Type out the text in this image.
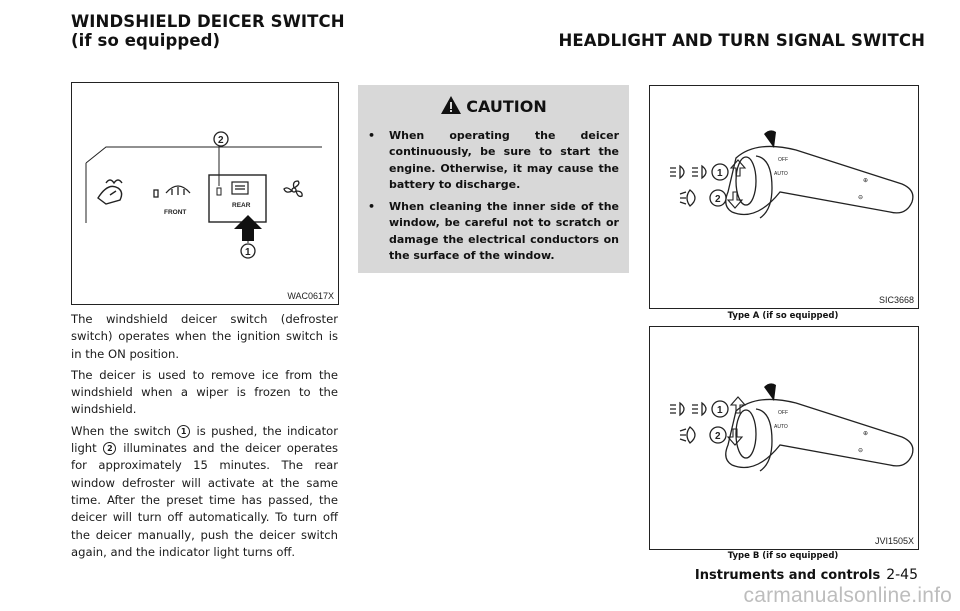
WINDSHIELD DEICER SWITCH (if so equipped)	HEADLIGHT AND TURN SIGNAL SWITCH
FRONT
REAR
2
1
WAC0617X

The windshield deicer switch (defroster switch) operates when the ignition switch is in the ON position.

The deicer is used to remove ice from the windshield when a wiper is frozen to the windshield.

When the switch 1 is pushed, the indicator light 2 illuminates and the deicer operates for approximately 15 minutes. The rear window defroster will activate at the same time. After the preset time has passed, the deicer will turn off automatically. To turn off the deicer manually, push the deicer switch again, and the indicator light turns off.

CAUTION
• When operating the deicer continuously, be sure to start the engine. Otherwise, it may cause the battery to discharge.
• When cleaning the inner side of the window, be careful not to scratch or damage the electrical conductors on the surface of the window.
OFF
AUTO
⊕
⊖
1
2
SIC3668
Type A (if so equipped)
OFF
AUTO
⊕
⊖
1
2
JVI1505X
Type B (if so equipped)
Instruments and controls 2-45
carmanualsonline.info
